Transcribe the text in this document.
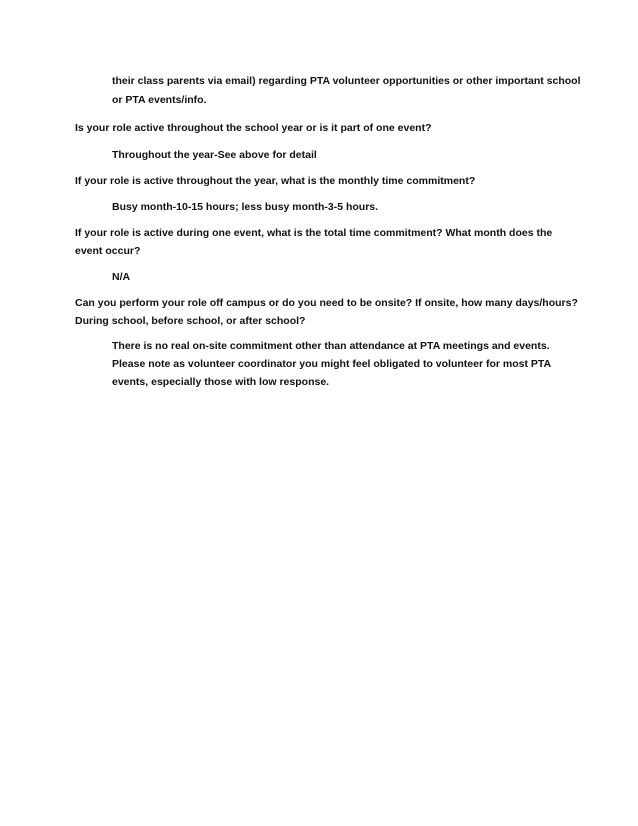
their class parents via email) regarding PTA volunteer opportunities or other important school
or PTA events/info.
Is your role active throughout the school year or is it part of one event?
Throughout the year-See above for detail
If your role is active throughout the year, what is the monthly time commitment?
Busy month-10-15 hours; less busy month-3-5 hours.
If your role is active during one event, what is the total time commitment? What month does the
event occur?
N/A
Can you perform your role off campus or do you need to be onsite? If onsite, how many days/hours?
During school, before school, or after school?
There is no real on-site commitment other than attendance at PTA meetings and events.
Please note as volunteer coordinator you might feel obligated to volunteer for most PTA
events, especially those with low response.
